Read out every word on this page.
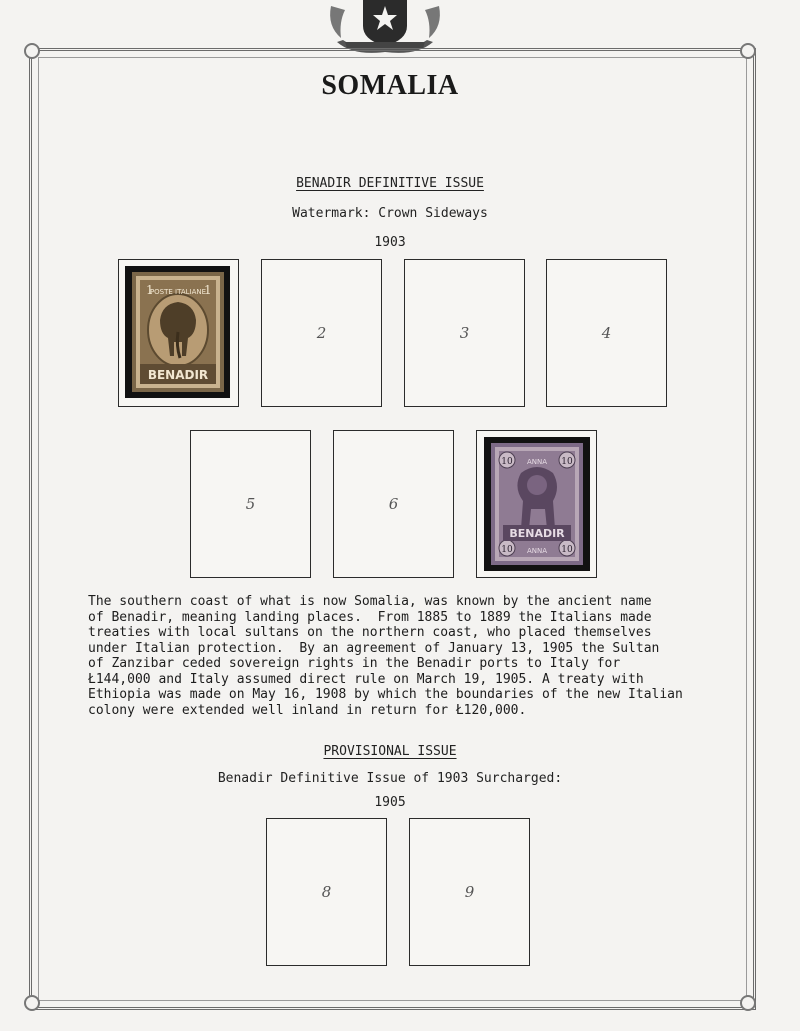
SOMALIA
BENADIR DEFINITIVE ISSUE
Watermark: Crown Sideways
1903
1	1
POSTE ITALIANE
BENADIR
2	3	4
5	6
10	10
10	10
ANNA
BENADIR
ANNA
The southern coast of what is now Somalia, was known by the ancient name
of Benadir, meaning landing places.  From 1885 to 1889 the Italians made
treaties with local sultans on the northern coast, who placed themselves
under Italian protection.  By an agreement of January 13, 1905 the Sultan
of Zanzibar ceded sovereign rights in the Benadir ports to Italy for
Ł144,000 and Italy assumed direct rule on March 19, 1905. A treaty with
Ethiopia was made on May 16, 1908 by which the boundaries of the new Italian
colony were extended well inland in return for Ł120,000.
PROVISIONAL ISSUE
Benadir Definitive Issue of 1903 Surcharged:
1905
8	9
